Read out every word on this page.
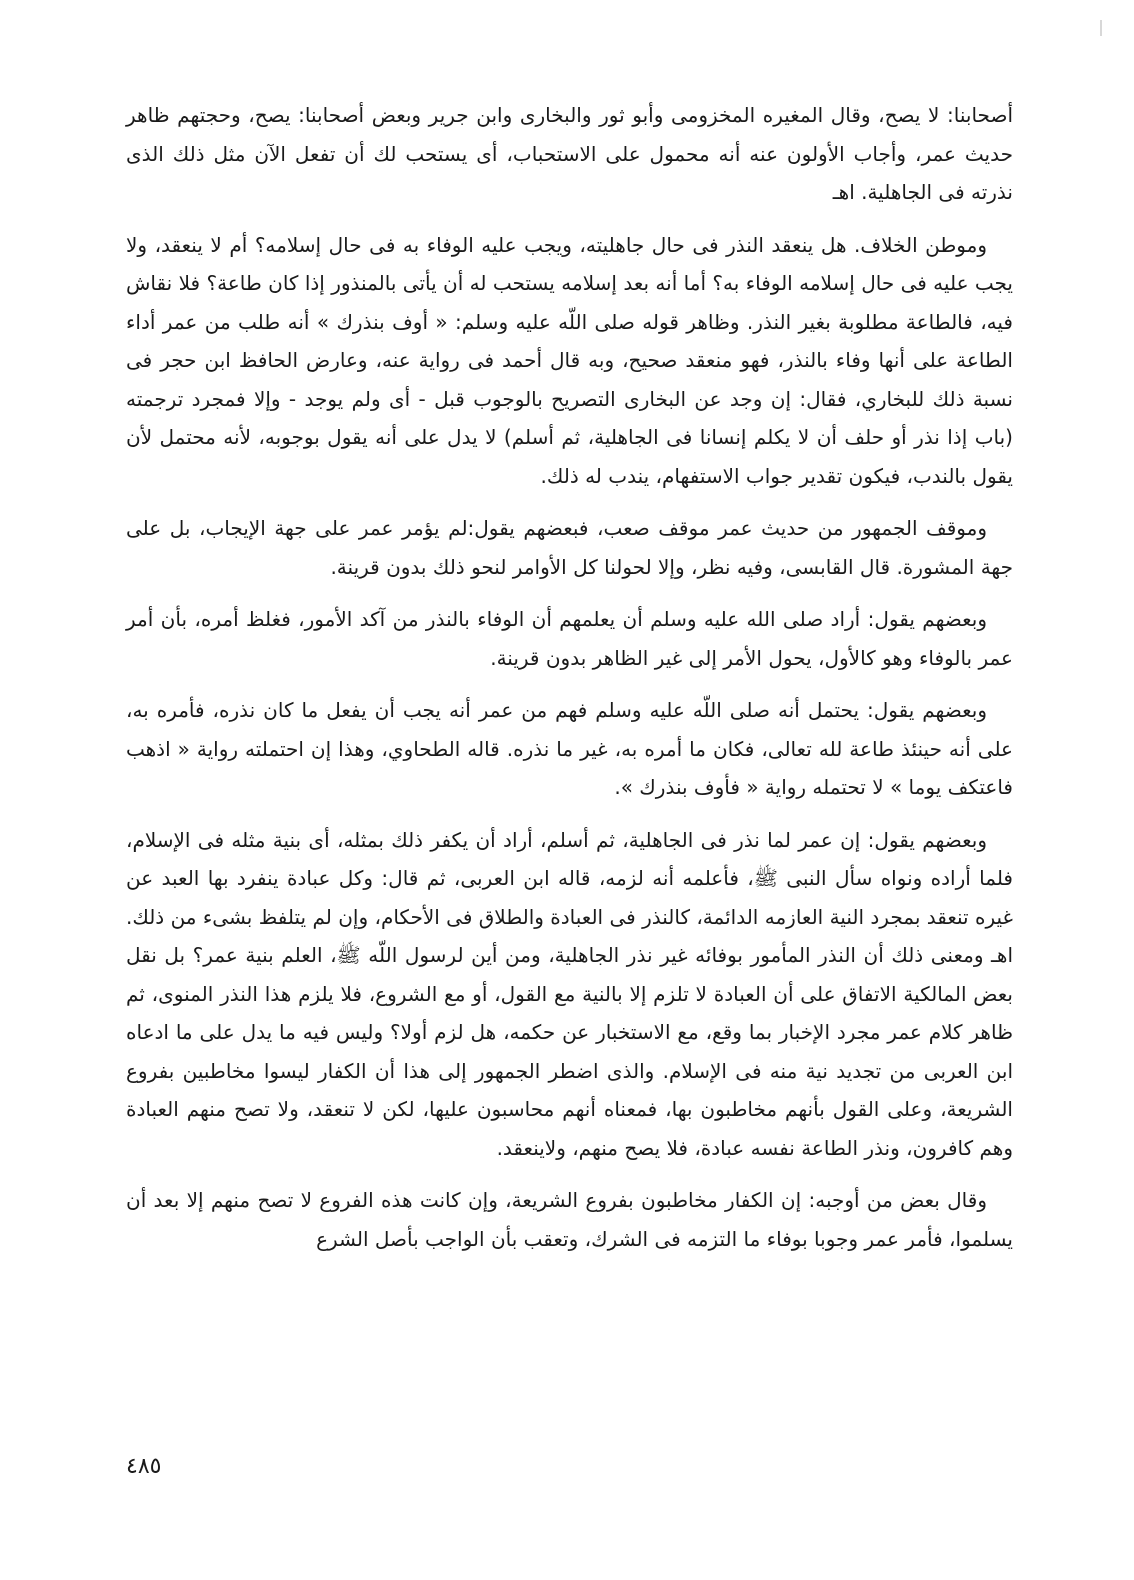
أصحابنا: لا يصح، وقال المغيره المخزومى وأبو ثور والبخارى وابن جرير وبعض أصحابنا: يصح، وحجتهم ظاهر حديث عمر، وأجاب الأولون عنه أنه محمول على الاستحباب، أى يستحب لك أن تفعل الآن مثل ذلك الذى نذرته فى الجاهلية. اهـ

وموطن الخلاف. هل ينعقد النذر فى حال جاهليته، ويجب عليه الوفاء به فى حال إسلامه؟ أم لا ينعقد، ولا يجب عليه فى حال إسلامه الوفاء به؟ أما أنه بعد إسلامه يستحب له أن يأتى بالمنذور إذا كان طاعة؟ فلا نقاش فيه، فالطاعة مطلوبة بغير النذر. وظاهر قوله صلى اللّه عليه وسلم: « أوف بنذرك » أنه طلب من عمر أداء الطاعة على أنها وفاء بالنذر، فهو منعقد صحيح، وبه قال أحمد فى رواية عنه، وعارض الحافظ ابن حجر فى نسبة ذلك للبخاري، فقال: إن وجد عن البخارى التصريح بالوجوب قبل - أى ولم يوجد - وإلا فمجرد ترجمته (باب إذا نذر أو حلف أن لا يكلم إنسانا فى الجاهلية، ثم أسلم) لا يدل على أنه يقول بوجوبه، لأنه محتمل لأن يقول بالندب، فيكون تقدير جواب الاستفهام، يندب له ذلك.

وموقف الجمهور من حديث عمر موقف صعب، فبعضهم يقول:لم يؤمر عمر على جهة الإيجاب، بل على جهة المشورة. قال القابسى، وفيه نظر، وإلا لحولنا كل الأوامر لنحو ذلك بدون قرينة.

وبعضهم يقول: أراد صلى الله عليه وسلم أن يعلمهم أن الوفاء بالنذر من آكد الأمور، فغلظ أمره، بأن أمر عمر بالوفاء وهو كالأول، يحول الأمر إلى غير الظاهر بدون قرينة.

وبعضهم يقول: يحتمل أنه صلى اللّه عليه وسلم فهم من عمر أنه يجب أن يفعل ما كان نذره، فأمره به، على أنه حينئذ طاعة لله تعالى، فكان ما أمره به، غير ما نذره. قاله الطحاوي، وهذا إن احتملته رواية « اذهب فاعتكف يوما » لا تحتمله رواية « فأوف بنذرك ».

وبعضهم يقول: إن عمر لما نذر فى الجاهلية، ثم أسلم، أراد أن يكفر ذلك بمثله، أى بنية مثله فى الإسلام، فلما أراده ونواه سأل النبى ﷺ، فأعلمه أنه لزمه، قاله ابن العربى، ثم قال: وكل عبادة ينفرد بها العبد عن غيره تنعقد بمجرد النية العازمه الدائمة، كالنذر فى العبادة والطلاق فى الأحكام، وإن لم يتلفظ بشىء من ذلك. اهـ ومعنى ذلك أن النذر المأمور بوفائه غير نذر الجاهلية، ومن أين لرسول اللّه ﷺ، العلم بنية عمر؟ بل نقل بعض المالكية الاتفاق على أن العبادة لا تلزم إلا بالنية مع القول، أو مع الشروع، فلا يلزم هذا النذر المنوى، ثم ظاهر كلام عمر مجرد الإخبار بما وقع، مع الاستخبار عن حكمه، هل لزم أولا؟ وليس فيه ما يدل على ما ادعاه ابن العربى من تجديد نية منه فى الإسلام. والذى اضطر الجمهور إلى هذا أن الكفار ليسوا مخاطبين بفروع الشريعة، وعلى القول بأنهم مخاطبون بها، فمعناه أنهم محاسبون عليها، لكن لا تنعقد، ولا تصح منهم العبادة وهم كافرون، ونذر الطاعة نفسه عبادة، فلا يصح منهم، ولاينعقد.

وقال بعض من أوجبه: إن الكفار مخاطبون بفروع الشريعة، وإن كانت هذه الفروع لا تصح منهم إلا بعد أن يسلموا، فأمر عمر وجوبا بوفاء ما التزمه فى الشرك، وتعقب بأن الواجب بأصل الشرع

٤٨٥
